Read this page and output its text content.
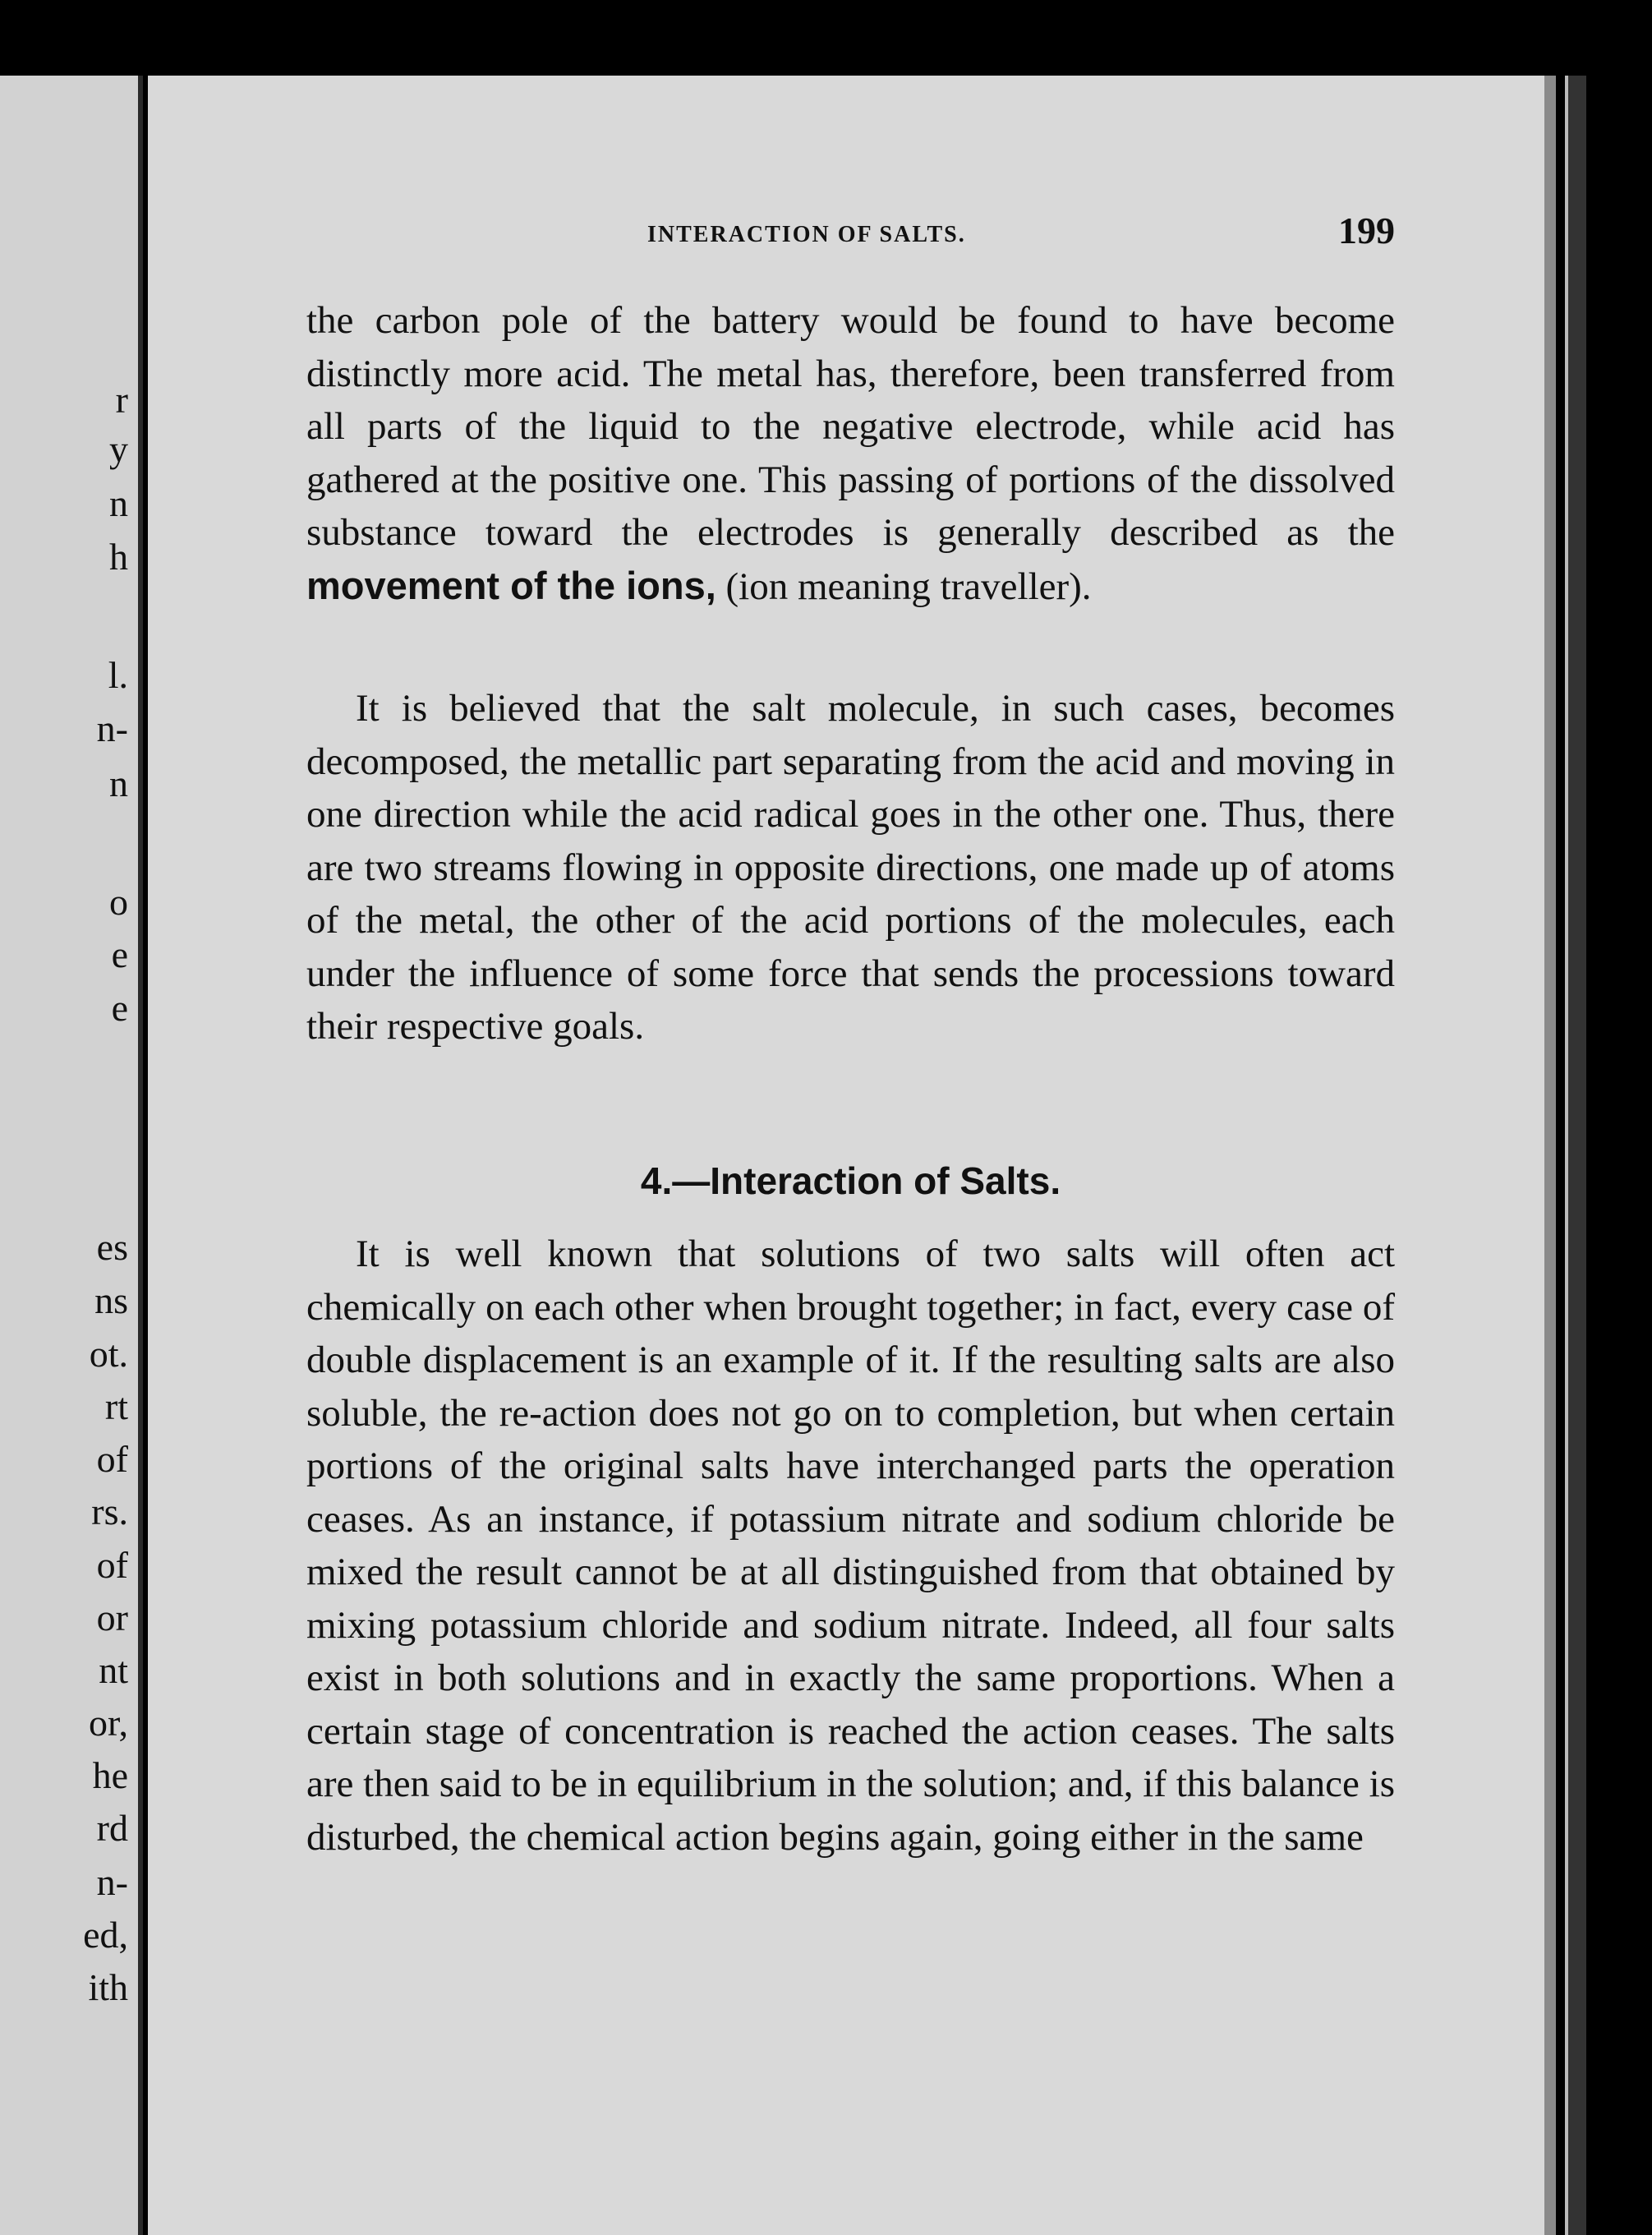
r
y
n
h
l.
n-
n
o
e
e
es
ns
ot.
rt
of
rs.
of
or
nt
or,
he
rd
n-
ed,
ith
INTERACTION OF SALTS.	199

the carbon pole of the battery would be found to have become distinctly more acid. The metal has, therefore, been transferred from all parts of the liquid to the negative electrode, while acid has gathered at the positive one. This passing of portions of the dissolved substance toward the electrodes is generally described as the movement of the ions, (ion meaning traveller).

It is believed that the salt molecule, in such cases, becomes decomposed, the metallic part separating from the acid and moving in one direction while the acid radical goes in the other one. Thus, there are two streams flowing in opposite directions, one made up of atoms of the metal, the other of the acid portions of the molecules, each under the influence of some force that sends the processions toward their respective goals.

4.—Interaction of Salts.

It is well known that solutions of two salts will often act chemically on each other when brought together; in fact, every case of double displacement is an example of it. If the resulting salts are also soluble, the re-action does not go on to completion, but when certain portions of the original salts have interchanged parts the operation ceases. As an instance, if potassium nitrate and sodium chloride be mixed the result cannot be at all distinguished from that obtained by mixing potassium chloride and sodium nitrate. Indeed, all four salts exist in both solutions and in exactly the same proportions. When a certain stage of concentration is reached the action ceases. The salts are then said to be in equilibrium in the solution; and, if this balance is disturbed, the chemical action begins again, going either in the same
